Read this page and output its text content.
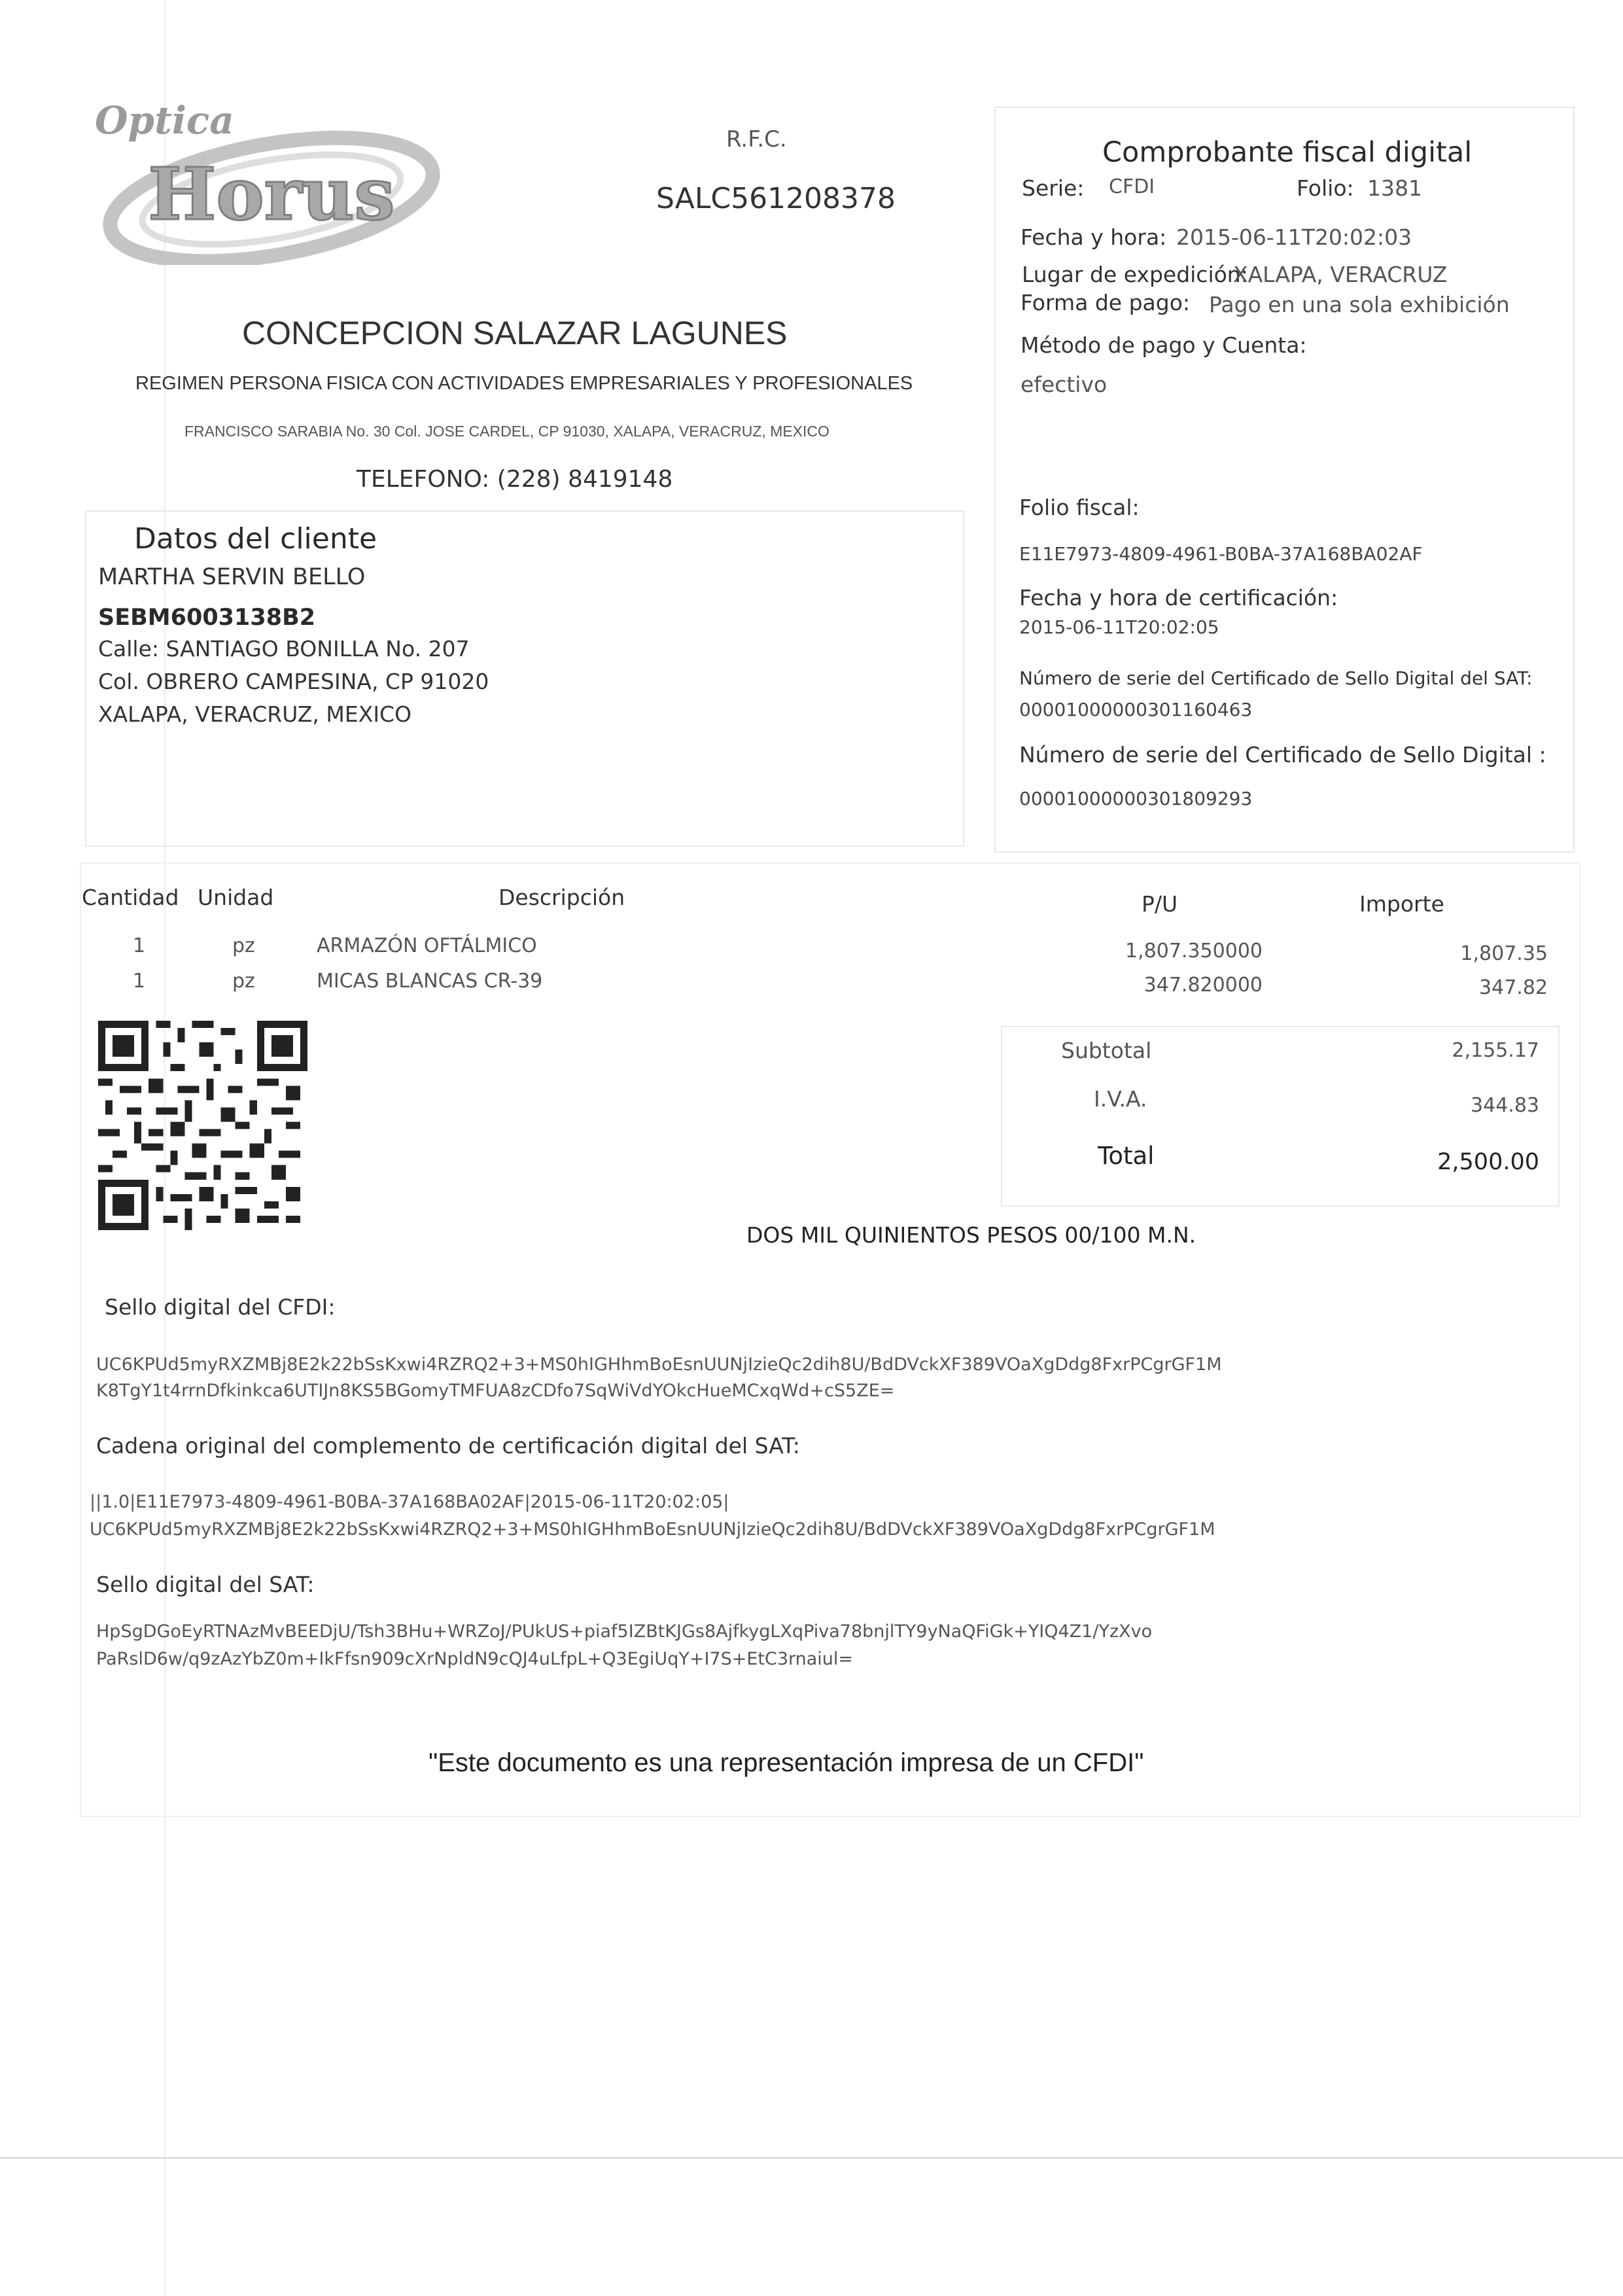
Optica
Horus
R.F.C.
SALC561208378
CONCEPCION SALAZAR LAGUNES
REGIMEN PERSONA FISICA CON ACTIVIDADES EMPRESARIALES Y PROFESIONALES
FRANCISCO SARABIA No. 30 Col. JOSE CARDEL, CP 91030, XALAPA, VERACRUZ, MEXICO
TELEFONO: (228) 8419148
Comprobante fiscal digital
Serie: CFDI	Folio: 1381
Fecha y hora: 2015-06-11T20:02:03
Lugar de expedición:
XALAPA, VERACRUZ
Forma de pago: Pago en una sola exhibición
Método de pago y Cuenta:
efectivo
Folio fiscal:
E11E7973-4809-4961-B0BA-37A168BA02AF
Fecha y hora de certificación:
2015-06-11T20:02:05
Número de serie del Certificado de Sello Digital del SAT:
00001000000301160463
Número de serie del Certificado de Sello Digital :
00001000000301809293
Datos del cliente
MARTHA SERVIN BELLO
SEBM6003138B2
Calle: SANTIAGO BONILLA No. 207
Col. OBRERO CAMPESINA, CP 91020
XALAPA, VERACRUZ, MEXICO
Cantidad Unidad	Descripción	P/U	Importe
1	pz	ARMAZÓN OFTÁLMICO	1,807.350000	1,807.35
1	pz	MICAS BLANCAS CR-39	347.820000	347.82
Subtotal	2,155.17
I.V.A.	344.83
Total	2,500.00
DOS MIL QUINIENTOS PESOS 00/100 M.N.
Sello digital del CFDI:
UC6KPUd5myRXZMBj8E2k22bSsKxwi4RZRQ2+3+MS0hIGHhmBoEsnUUNjIzieQc2dih8U/BdDVckXF389VOaXgDdg8FxrPCgrGF1M
K8TgY1t4rrnDfkinkca6UTIJn8KS5BGomyTMFUA8zCDfo7SqWiVdYOkcHueMCxqWd+cS5ZE=
Cadena original del complemento de certificación digital del SAT:
||1.0|E11E7973-4809-4961-B0BA-37A168BA02AF|2015-06-11T20:02:05|
UC6KPUd5myRXZMBj8E2k22bSsKxwi4RZRQ2+3+MS0hIGHhmBoEsnUUNjIzieQc2dih8U/BdDVckXF389VOaXgDdg8FxrPCgrGF1M
Sello digital del SAT:
HpSgDGoEyRTNAzMvBEEDjU/Tsh3BHu+WRZoJ/PUkUS+piaf5IZBtKJGs8AjfkygLXqPiva78bnjlTY9yNaQFiGk+YIQ4Z1/YzXvo
PaRslD6w/q9zAzYbZ0m+IkFfsn909cXrNpldN9cQJ4uLfpL+Q3EgiUqY+I7S+EtC3rnaiul=
"Este documento es una representación impresa de un CFDI"
